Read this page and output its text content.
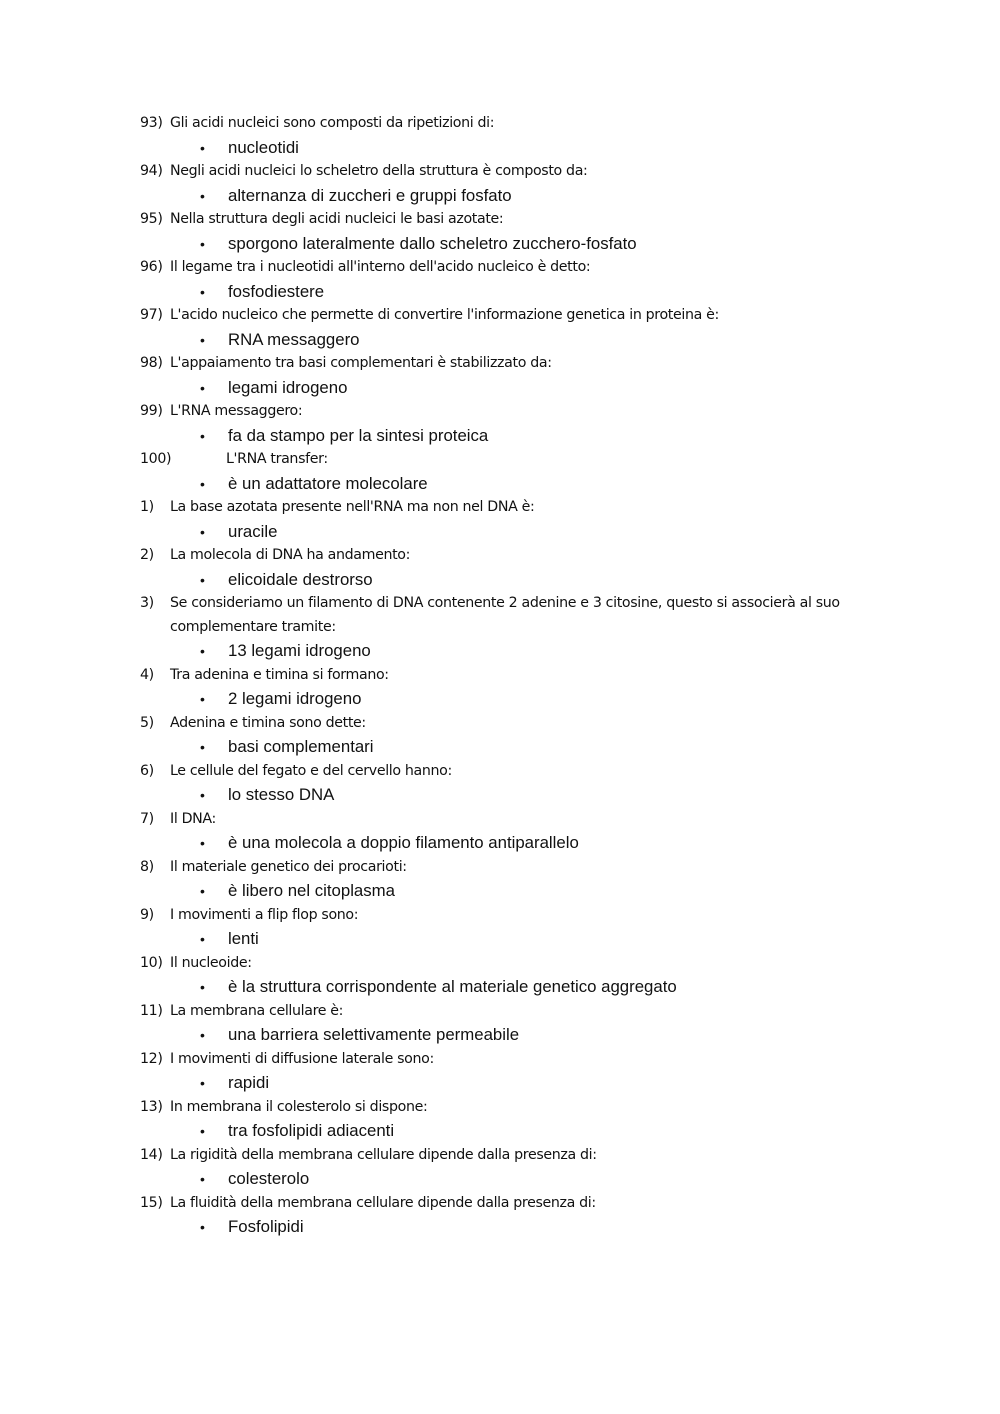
93) Gli acidi nucleici sono composti da ripetizioni di:
•	nucleotidi
94) Negli acidi nucleici lo scheletro della struttura è composto da:
•	alternanza di zuccheri e gruppi fosfato
95) Nella struttura degli acidi nucleici le basi azotate:
•	sporgono lateralmente dallo scheletro zucchero-fosfato
96) Il legame tra i nucleotidi all'interno dell'acido nucleico è detto:
•	fosfodiestere
97) L'acido nucleico che permette di convertire l'informazione genetica in proteina è:
•	RNA messaggero
98) L'appaiamento tra basi complementari è stabilizzato da:
•	legami idrogeno
99) L'RNA messaggero:
•	fa da stampo per la sintesi proteica
100)	L'RNA transfer:
•	è un adattatore molecolare
1)	La base azotata presente nell'RNA ma non nel DNA è:
•	uracile
2)	La molecola di DNA ha andamento:
•	elicoidale destrorso
3)	Se consideriamo un filamento di DNA contenente 2 adenine e 3 citosine, questo si associerà al suo complementare tramite:
•	13 legami idrogeno
4)	Tra adenina e timina si formano:
•	2 legami idrogeno
5)	Adenina e timina sono dette:
•	basi complementari
6)	Le cellule del fegato e del cervello hanno:
•	lo stesso DNA
7)	Il DNA:
•	è una molecola a doppio filamento antiparallelo
8)	Il materiale genetico dei procarioti:
•	è libero nel citoplasma
9)	I movimenti a flip flop sono:
•	lenti
10) Il nucleoide:
•	è la struttura corrispondente al materiale genetico aggregato
11) La membrana cellulare è:
•	una barriera selettivamente permeabile
12) I movimenti di diffusione laterale sono:
•	rapidi
13) In membrana il colesterolo si dispone:
•	tra fosfolipidi adiacenti
14) La rigidità della membrana cellulare dipende dalla presenza di:
•	colesterolo
15) La fluidità della membrana cellulare dipende dalla presenza di:
•	Fosfolipidi
